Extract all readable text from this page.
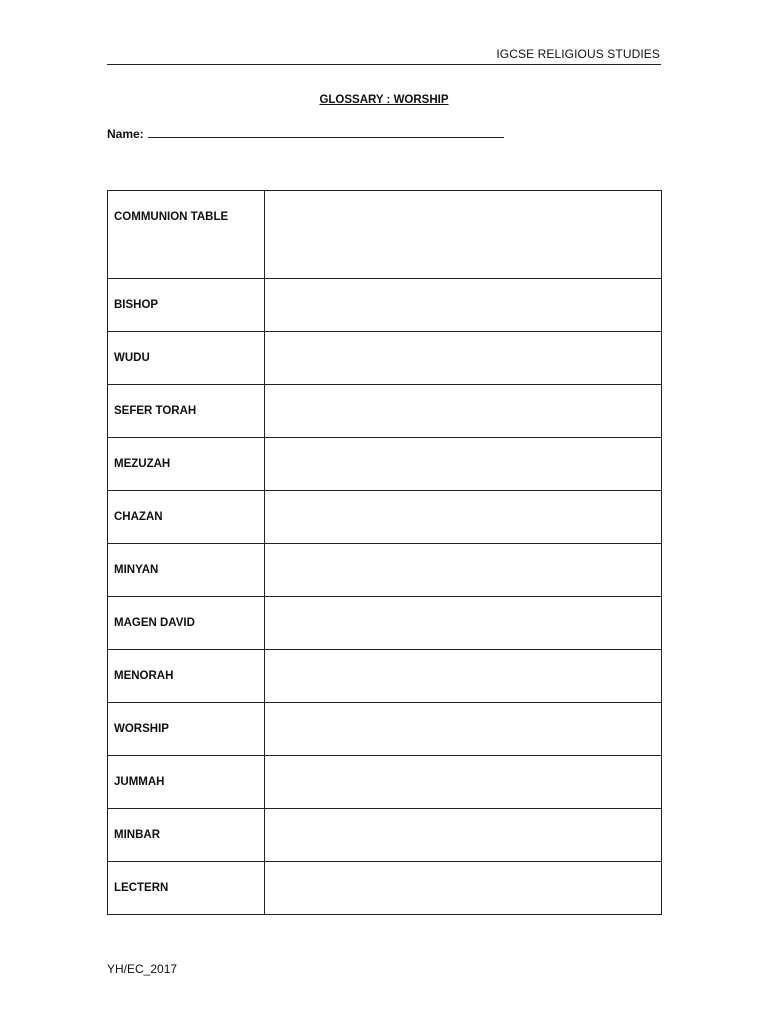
IGCSE RELIGIOUS STUDIES
GLOSSARY : WORSHIP
Name:
COMMUNION TABLE	
BISHOP	
WUDU	
SEFER TORAH	
MEZUZAH	
CHAZAN	
MINYAN	
MAGEN DAVID	
MENORAH	
WORSHIP	
JUMMAH	
MINBAR	
LECTERN	
YH/EC_2017
